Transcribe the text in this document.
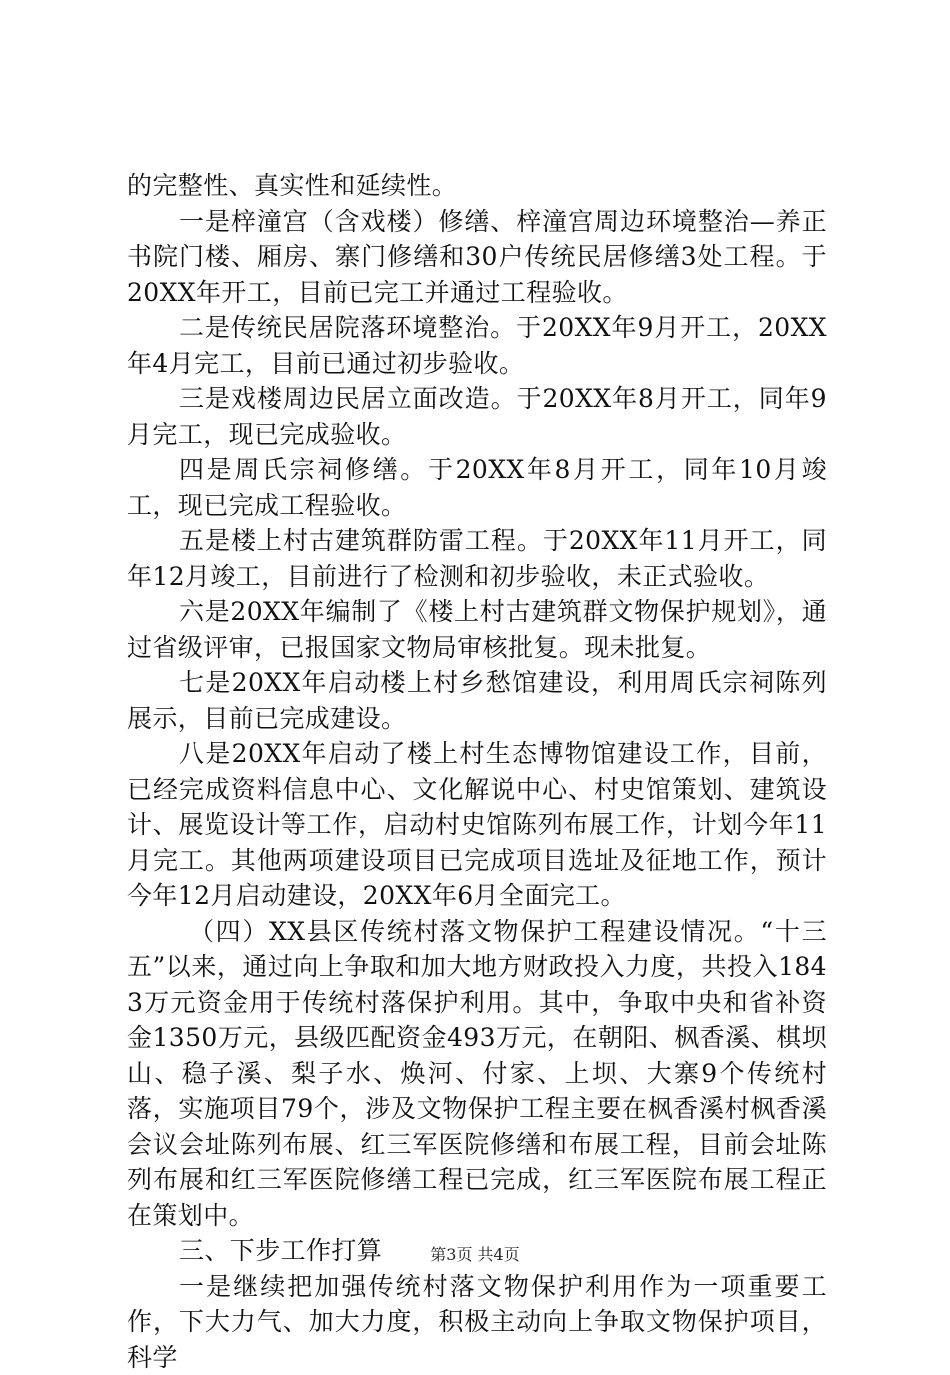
的完整性、真实性和延续性。

一是梓潼宫（含戏楼）修缮、梓潼宫周边环境整治—养正书院门楼、厢房、寨门修缮和30户传统民居修缮3处工程。于20XX年开工，目前已完工并通过工程验收。

二是传统民居院落环境整治。于20XX年9月开工，20XX年4月完工，目前已通过初步验收。

三是戏楼周边民居立面改造。于20XX年8月开工，同年9月完工，现已完成验收。

四是周氏宗祠修缮。于20XX年8月开工，同年10月竣工，现已完成工程验收。

五是楼上村古建筑群防雷工程。于20XX年11月开工，同年12月竣工，目前进行了检测和初步验收，未正式验收。

六是20XX年编制了《楼上村古建筑群文物保护规划》，通过省级评审，已报国家文物局审核批复。现未批复。

七是20XX年启动楼上村乡愁馆建设，利用周氏宗祠陈列展示，目前已完成建设。

八是20XX年启动了楼上村生态博物馆建设工作，目前，已经完成资料信息中心、文化解说中心、村史馆策划、建筑设计、展览设计等工作，启动村史馆陈列布展工作，计划今年11月完工。其他两项建设项目已完成项目选址及征地工作，预计今年12月启动建设，20XX年6月全面完工。

（四）XX县区传统村落文物保护工程建设情况。“十三五”以来，通过向上争取和加大地方财政投入力度，共投入1843万元资金用于传统村落保护利用。其中，争取中央和省补资金1350万元，县级匹配资金493万元，在朝阳、枫香溪、棋坝山、稳子溪、梨子水、焕河、付家、上坝、大寨9个传统村落，实施项目79个，涉及文物保护工程主要在枫香溪村枫香溪会议会址陈列布展、红三军医院修缮和布展工程，目前会址陈列布展和红三军医院修缮工程已完成，红三军医院布展工程正在策划中。

三、下步工作打算

一是继续把加强传统村落文物保护利用作为一项重要工作，下大力气、加大力度，积极主动向上争取文物保护项目，科学

第3页 共4页
